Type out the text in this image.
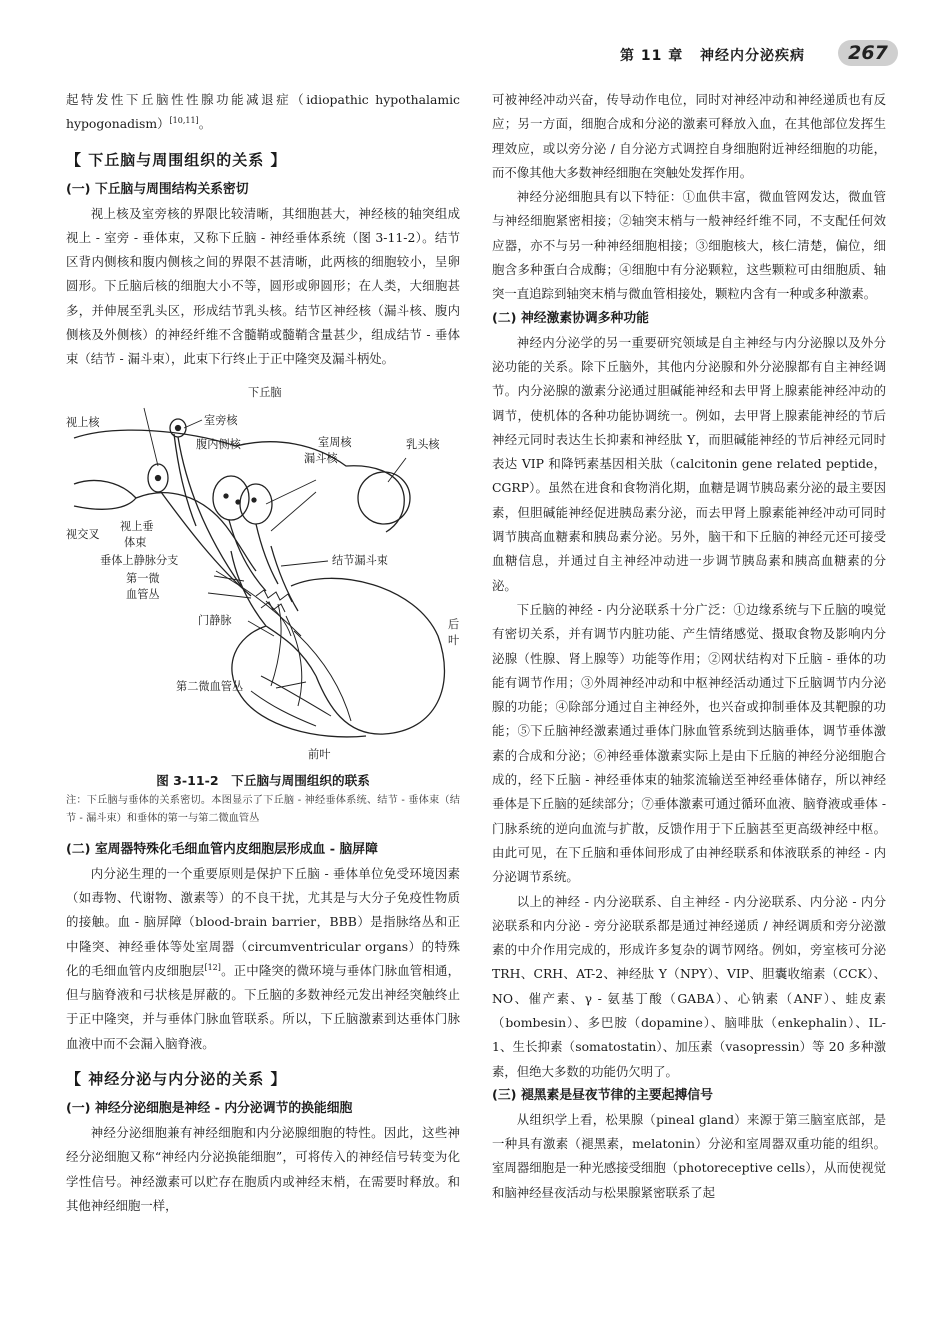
第 11 章 神经内分泌疾病	267

起特发性下丘脑性性腺功能减退症（idiopathic hypothalamic hypogonadism）[10,11]。

【 下丘脑与周围组织的关系 】
(一) 下丘脑与周围结构关系密切

视上核及室旁核的界限比较清晰，其细胞甚大，神经核的轴突组成视上 - 室旁 - 垂体束，又称下丘脑 - 神经垂体系统（图 3-11-2）。结节区背内侧核和腹内侧核之间的界限不甚清晰，此两核的细胞较小，呈卵圆形。下丘脑后核的细胞大小不等，圆形或卵圆形；在人类，大细胞甚多，并伸展至乳头区，形成结节乳头核。结节区神经核（漏斗核、腹内侧核及外侧核）的神经纤维不含髓鞘或髓鞘含量甚少，组成结节 - 垂体束（结节 - 漏斗束），此束下行终止于正中隆突及漏斗柄处。

下丘脑
室旁核
视上核
腹内侧核	室周核
漏斗核
乳头核
视交叉
视上垂
体束
垂体上静脉分支
第一微
血管丛
结节漏斗束
门静脉	后
叶
第二微血管丛
前叶
图 3-11-2　下丘脑与周围组织的联系

注：下丘脑与垂体的关系密切。本图显示了下丘脑 - 神经垂体系统、结节 - 垂体束（结节 - 漏斗束）和垂体的第一与第二微血管丛

(二) 室周器特殊化毛细血管内皮细胞层形成血 - 脑屏障

内分泌生理的一个重要原则是保护下丘脑 - 垂体单位免受环境因素（如毒物、代谢物、激素等）的不良干扰，尤其是与大分子免疫性物质的接触。血 - 脑屏障（blood-brain barrier，BBB）是指脉络丛和正中隆突、神经垂体等处室周器（circumventricular organs）的特殊化的毛细血管内皮细胞层[12]。正中隆突的微环境与垂体门脉血管相通，但与脑脊液和弓状核是屏蔽的。下丘脑的多数神经元发出神经突触终止于正中隆突，并与垂体门脉血管联系。所以，下丘脑激素到达垂体门脉血液中而不会漏入脑脊液。

【 神经分泌与内分泌的关系 】
(一) 神经分泌细胞是神经 - 内分泌调节的换能细胞

神经分泌细胞兼有神经细胞和内分泌腺细胞的特性。因此，这些神经分泌细胞又称“神经内分泌换能细胞”，可将传入的神经信号转变为化学性信号。神经激素可以贮存在胞质内或神经末梢，在需要时释放。和其他神经细胞一样，

可被神经冲动兴奋，传导动作电位，同时对神经冲动和神经递质也有反应；另一方面，细胞合成和分泌的激素可释放入血，在其他部位发挥生理效应，或以旁分泌 / 自分泌方式调控自身细胞附近神经细胞的功能，而不像其他大多数神经细胞在突触处发挥作用。

神经分泌细胞具有以下特征：①血供丰富，微血管网发达，微血管与神经细胞紧密相接；②轴突末梢与一般神经纤维不同，不支配任何效应器，亦不与另一种神经细胞相接；③细胞核大，核仁清楚，偏位，细胞含多种蛋白合成酶；④细胞中有分泌颗粒，这些颗粒可由细胞质、轴突一直追踪到轴突末梢与微血管相接处，颗粒内含有一种或多种激素。

(二) 神经激素协调多种功能

神经内分泌学的另一重要研究领域是自主神经与内分泌腺以及外分泌功能的关系。除下丘脑外，其他内分泌腺和外分泌腺都有自主神经调节。内分泌腺的激素分泌通过胆碱能神经和去甲肾上腺素能神经冲动的调节，使机体的各种功能协调统一。例如，去甲肾上腺素能神经的节后神经元同时表达生长抑素和神经肽 Y，而胆碱能神经的节后神经元同时表达 VIP 和降钙素基因相关肽（calcitonin gene related peptide，CGRP）。虽然在进食和食物消化期，血糖是调节胰岛素分泌的最主要因素，但胆碱能神经促进胰岛素分泌，而去甲肾上腺素能神经冲动可同时调节胰高血糖素和胰岛素分泌。另外，脑干和下丘脑的神经元还可接受血糖信息，并通过自主神经冲动进一步调节胰岛素和胰高血糖素的分泌。

下丘脑的神经 - 内分泌联系十分广泛：①边缘系统与下丘脑的嗅觉有密切关系，并有调节内脏功能、产生情绪感觉、摄取食物及影响内分泌腺（性腺、肾上腺等）功能等作用；②网状结构对下丘脑 - 垂体的功能有调节作用；③外周神经冲动和中枢神经活动通过下丘脑调节内分泌腺的功能；④除部分通过自主神经外，也兴奋或抑制垂体及其靶腺的功能；⑤下丘脑神经激素通过垂体门脉血管系统到达脑垂体，调节垂体激素的合成和分泌；⑥神经垂体激素实际上是由下丘脑的神经分泌细胞合成的，经下丘脑 - 神经垂体束的轴浆流输送至神经垂体储存，所以神经垂体是下丘脑的延续部分；⑦垂体激素可通过循环血液、脑脊液或垂体 - 门脉系统的逆向血流与扩散，反馈作用于下丘脑甚至更高级神经中枢。由此可见，在下丘脑和垂体间形成了由神经联系和体液联系的神经 - 内分泌调节系统。

以上的神经 - 内分泌联系、自主神经 - 内分泌联系、内分泌 - 内分泌联系和内分泌 - 旁分泌联系都是通过神经递质 / 神经调质和旁分泌激素的中介作用完成的，形成许多复杂的调节网络。例如，旁室核可分泌 TRH、CRH、AT-2、神经肽 Y（NPY）、VIP、胆囊收缩素（CCK）、NO、催产素、γ - 氨基丁酸（GABA）、心钠素（ANF）、蛙皮素（bombesin）、多巴胺（dopamine）、脑啡肽（enkephalin）、IL-1、生长抑素（somatostatin）、加压素（vasopressin）等 20 多种激素，但绝大多数的功能仍欠明了。

(三) 褪黑素是昼夜节律的主要起搏信号

从组织学上看，松果腺（pineal gland）来源于第三脑室底部，是一种具有激素（褪黑素，melatonin）分泌和室周器双重功能的组织。室周器细胞是一种光感接受细胞（photoreceptive cells），从而使视觉和脑神经昼夜活动与松果腺紧密联系了起
